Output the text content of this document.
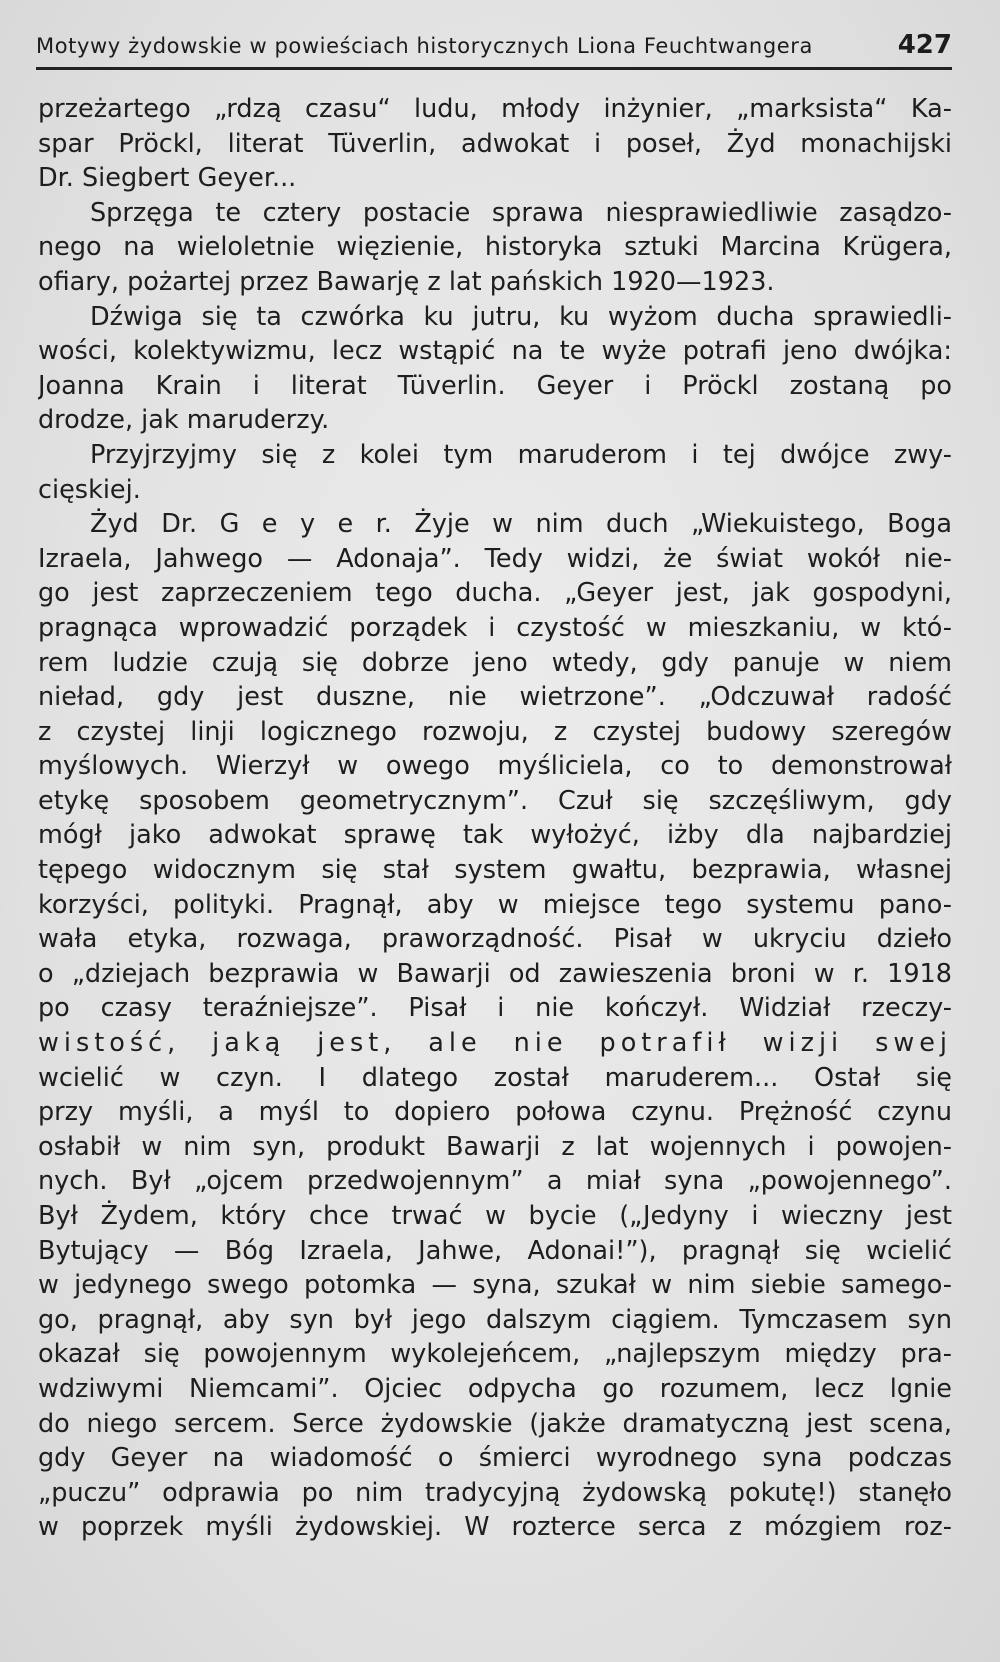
Motywy żydowskie w powieściach historycznych Liona Feuchtwangera	427
przeżartego „rdzą czasu“ ludu, młody inżynier, „marksista“ Ka-
spar Pröckl, literat Tüverlin, adwokat i poseł, Żyd monachijski
Dr. Siegbert Geyer...
Sprzęga te cztery postacie sprawa niesprawiedliwie zasądzo-
nego na wieloletnie więzienie, historyka sztuki Marcina Krügera,
ofiary, pożartej przez Bawarję z lat pańskich 1920—1923.
Dźwiga się ta czwórka ku jutru, ku wyżom ducha sprawiedli-
wości, kolektywizmu, lecz wstąpić na te wyże potrafi jeno dwójka:
Joanna Krain i literat Tüverlin. Geyer i Pröckl zostaną po
drodze, jak maruderzy.
Przyjrzyjmy się z kolei tym maruderom i tej dwójce zwy-
cięskiej.
Żyd Dr. G e y e r. Żyje w nim duch „Wiekuistego, Boga
Izraela, Jahwego — Adonaja”. Tedy widzi, że świat wokół nie-
go jest zaprzeczeniem tego ducha. „Geyer jest, jak gospodyni,
pragnąca wprowadzić porządek i czystość w mieszkaniu, w któ-
rem ludzie czują się dobrze jeno wtedy, gdy panuje w niem
nieład, gdy jest duszne, nie wietrzone”. „Odczuwał radość
z czystej linji logicznego rozwoju, z czystej budowy szeregów
myślowych. Wierzył w owego myśliciela, co to demonstrował
etykę sposobem geometrycznym”. Czuł się szczęśliwym, gdy
mógł jako adwokat sprawę tak wyłożyć, iżby dla najbardziej
tępego widocznym się stał system gwałtu, bezprawia, własnej
korzyści, polityki. Pragnął, aby w miejsce tego systemu pano-
wała etyka, rozwaga, praworządność. Pisał w ukryciu dzieło
o „dziejach bezprawia w Bawarji od zawieszenia broni w r. 1918
po czasy teraźniejsze”. Pisał i nie kończył. Widział rzeczy-
wistość, jaką jest, ale nie potrafił wizji swej
wcielić w czyn. I dlatego został maruderem... Ostał się
przy myśli, a myśl to dopiero połowa czynu. Prężność czynu
osłabił w nim syn, produkt Bawarji z lat wojennych i powojen-
nych. Był „ojcem przedwojennym” a miał syna „powojennego”.
Był Żydem, który chce trwać w bycie („Jedyny i wieczny jest
Bytujący — Bóg Izraela, Jahwe, Adonai!”), pragnął się wcielić
w jedynego swego potomka — syna, szukał w nim siebie samego-
go, pragnął, aby syn był jego dalszym ciągiem. Tymczasem syn
okazał się powojennym wykolejeńcem, „najlepszym między pra-
wdziwymi Niemcami”. Ojciec odpycha go rozumem, lecz lgnie
do niego sercem. Serce żydowskie (jakże dramatyczną jest scena,
gdy Geyer na wiadomość o śmierci wyrodnego syna podczas
„puczu” odprawia po nim tradycyjną żydowską pokutę!) stanęło
w poprzek myśli żydowskiej. W rozterce serca z mózgiem roz-
